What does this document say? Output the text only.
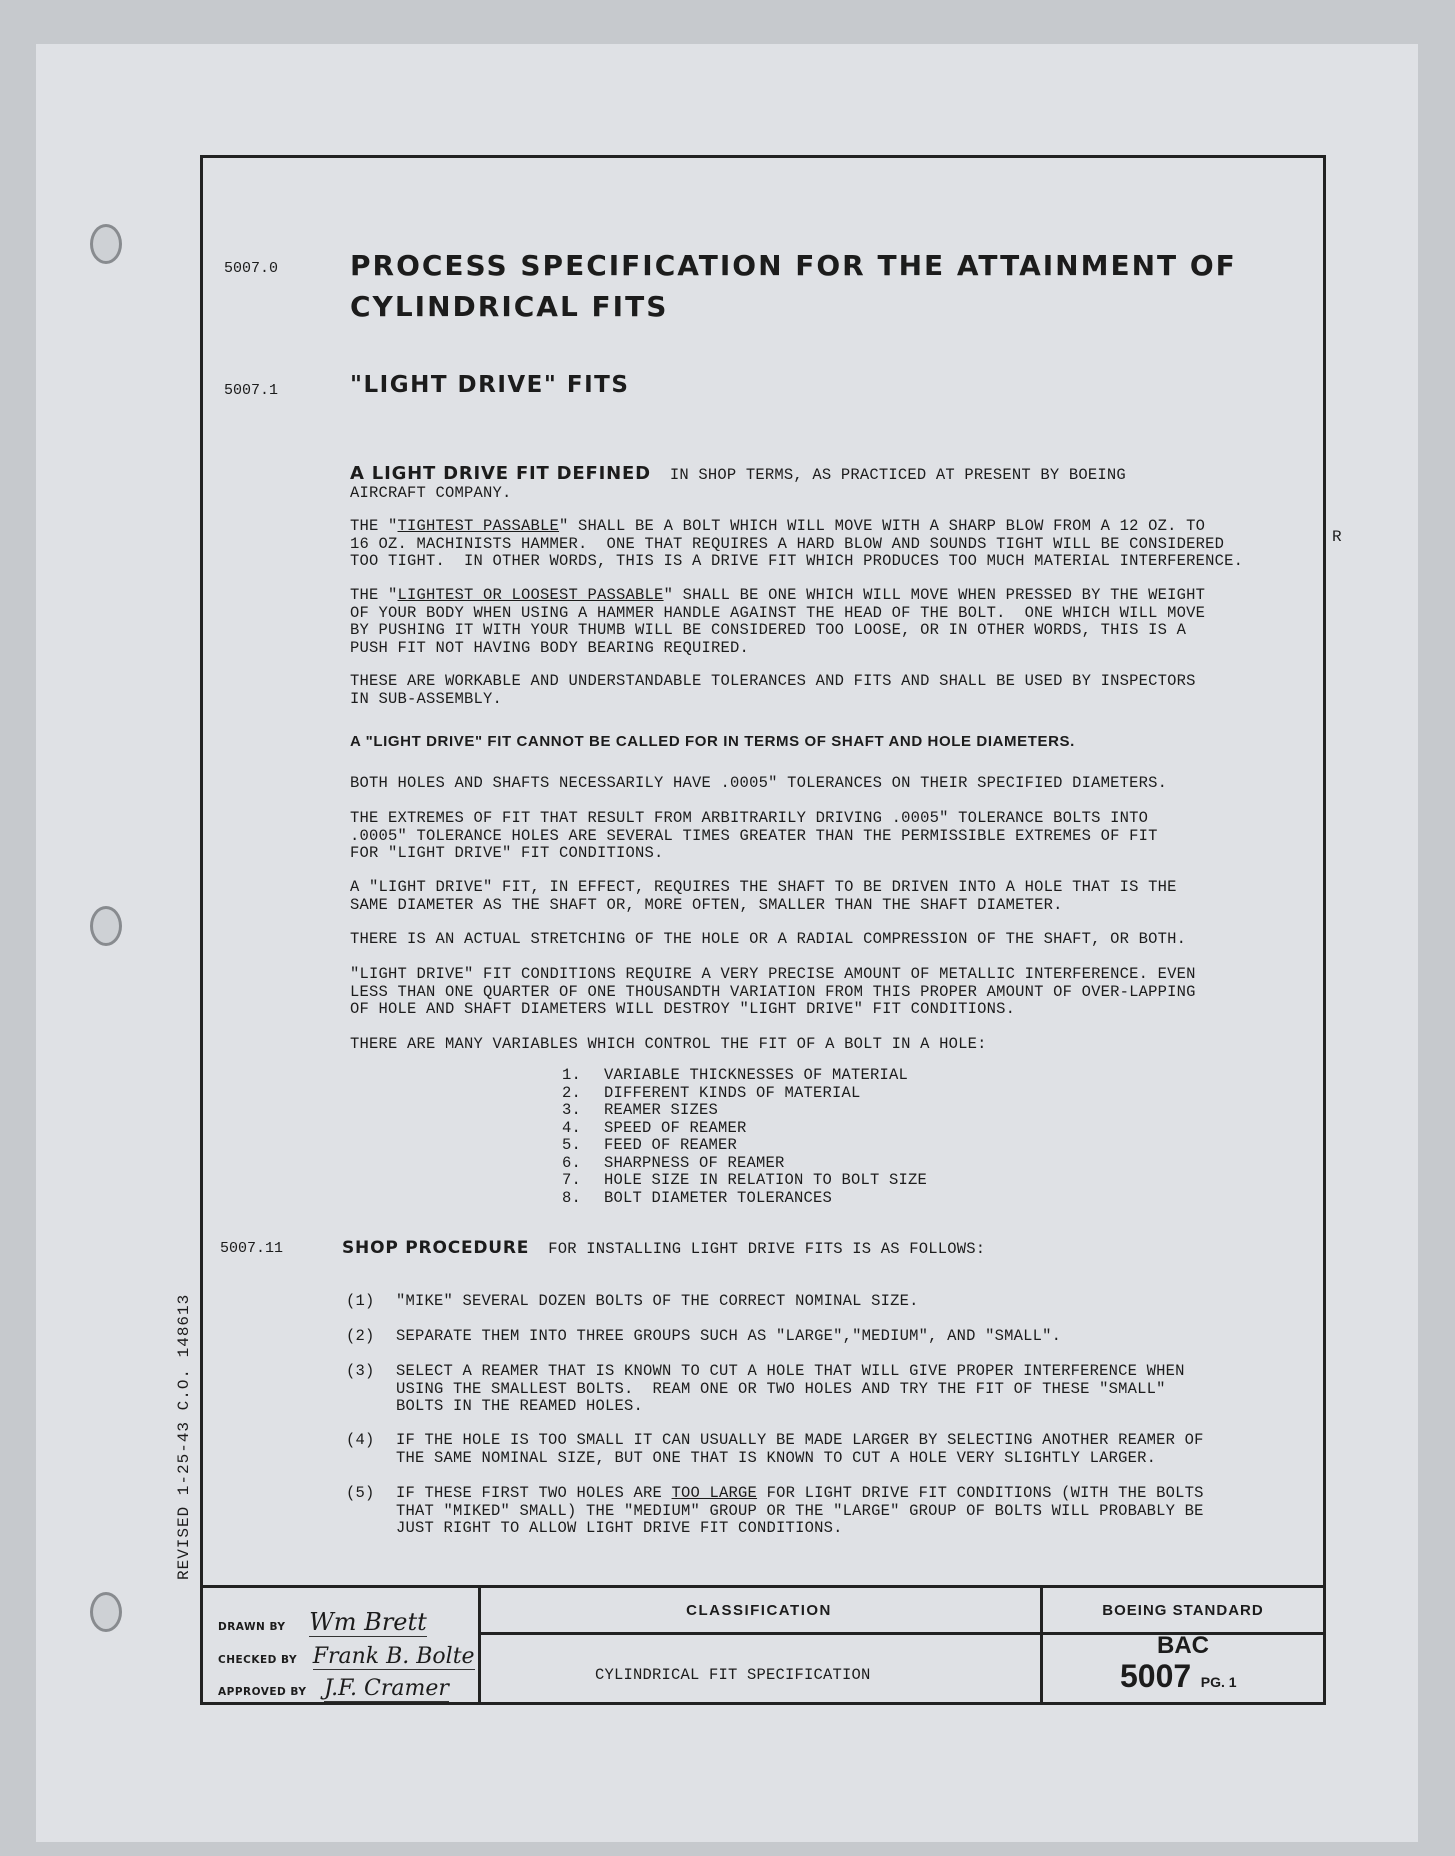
5007.0	PROCESS SPECIFICATION FOR THE ATTAINMENT OF
CYLINDRICAL FITS
5007.1	"LIGHT DRIVE" FITS

A LIGHT DRIVE FIT DEFINED  IN SHOP TERMS, AS PRACTICED AT PRESENT BY BOEING
AIRCRAFT COMPANY.

THE "TIGHTEST PASSABLE" SHALL BE A BOLT WHICH WILL MOVE WITH A SHARP BLOW FROM A 12 OZ. TO
16 OZ. MACHINISTS HAMMER.  ONE THAT REQUIRES A HARD BLOW AND SOUNDS TIGHT WILL BE CONSIDERED
TOO TIGHT.  IN OTHER WORDS, THIS IS A DRIVE FIT WHICH PRODUCES TOO MUCH MATERIAL INTERFERENCE.

R

THE "LIGHTEST OR LOOSEST PASSABLE" SHALL BE ONE WHICH WILL MOVE WHEN PRESSED BY THE WEIGHT
OF YOUR BODY WHEN USING A HAMMER HANDLE AGAINST THE HEAD OF THE BOLT.  ONE WHICH WILL MOVE
BY PUSHING IT WITH YOUR THUMB WILL BE CONSIDERED TOO LOOSE, OR IN OTHER WORDS, THIS IS A
PUSH FIT NOT HAVING BODY BEARING REQUIRED.

THESE ARE WORKABLE AND UNDERSTANDABLE TOLERANCES AND FITS AND SHALL BE USED BY INSPECTORS
IN SUB-ASSEMBLY.

A "LIGHT DRIVE" FIT CANNOT BE CALLED FOR IN TERMS OF SHAFT AND HOLE DIAMETERS.

BOTH HOLES AND SHAFTS NECESSARILY HAVE .0005" TOLERANCES ON THEIR SPECIFIED DIAMETERS.

THE EXTREMES OF FIT THAT RESULT FROM ARBITRARILY DRIVING .0005" TOLERANCE BOLTS INTO
.0005" TOLERANCE HOLES ARE SEVERAL TIMES GREATER THAN THE PERMISSIBLE EXTREMES OF FIT
FOR "LIGHT DRIVE" FIT CONDITIONS.

A "LIGHT DRIVE" FIT, IN EFFECT, REQUIRES THE SHAFT TO BE DRIVEN INTO A HOLE THAT IS THE
SAME DIAMETER AS THE SHAFT OR, MORE OFTEN, SMALLER THAN THE SHAFT DIAMETER.

THERE IS AN ACTUAL STRETCHING OF THE HOLE OR A RADIAL COMPRESSION OF THE SHAFT, OR BOTH.

"LIGHT DRIVE" FIT CONDITIONS REQUIRE A VERY PRECISE AMOUNT OF METALLIC INTERFERENCE. EVEN
LESS THAN ONE QUARTER OF ONE THOUSANDTH VARIATION FROM THIS PROPER AMOUNT OF OVER-LAPPING
OF HOLE AND SHAFT DIAMETERS WILL DESTROY "LIGHT DRIVE" FIT CONDITIONS.

THERE ARE MANY VARIABLES WHICH CONTROL THE FIT OF A BOLT IN A HOLE:

1. VARIABLE THICKNESSES OF MATERIAL
2. DIFFERENT KINDS OF MATERIAL
3. REAMER SIZES
4. SPEED OF REAMER
5. FEED OF REAMER
6. SHARPNESS OF REAMER
7. HOLE SIZE IN RELATION TO BOLT SIZE
8. BOLT DIAMETER TOLERANCES
5007.11	SHOP PROCEDURE  FOR INSTALLING LIGHT DRIVE FITS IS AS FOLLOWS:

(1) "MIKE" SEVERAL DOZEN BOLTS OF THE CORRECT NOMINAL SIZE.
(2) SEPARATE THEM INTO THREE GROUPS SUCH AS "LARGE","MEDIUM", AND "SMALL".
(3) SELECT A REAMER THAT IS KNOWN TO CUT A HOLE THAT WILL GIVE PROPER INTERFERENCE WHEN
USING THE SMALLEST BOLTS.  REAM ONE OR TWO HOLES AND TRY THE FIT OF THESE "SMALL"
BOLTS IN THE REAMED HOLES.
(4) IF THE HOLE IS TOO SMALL IT CAN USUALLY BE MADE LARGER BY SELECTING ANOTHER REAMER OF
THE SAME NOMINAL SIZE, BUT ONE THAT IS KNOWN TO CUT A HOLE VERY SLIGHTLY LARGER.
(5) IF THESE FIRST TWO HOLES ARE TOO LARGE FOR LIGHT DRIVE FIT CONDITIONS (WITH THE BOLTS
THAT "MIKED" SMALL) THE "MEDIUM" GROUP OR THE "LARGE" GROUP OF BOLTS WILL PROBABLY BE
JUST RIGHT TO ALLOW LIGHT DRIVE FIT CONDITIONS.
REVISED 1-25-43 C.O. 148613
DRAWN BY Wm Brett
CHECKED BY Frank B. Bolte
APPROVED BY J.F. Cramer
CLASSIFICATION
CYLINDRICAL FIT SPECIFICATION
BOEING STANDARD
BAC
5007 PG. 1
